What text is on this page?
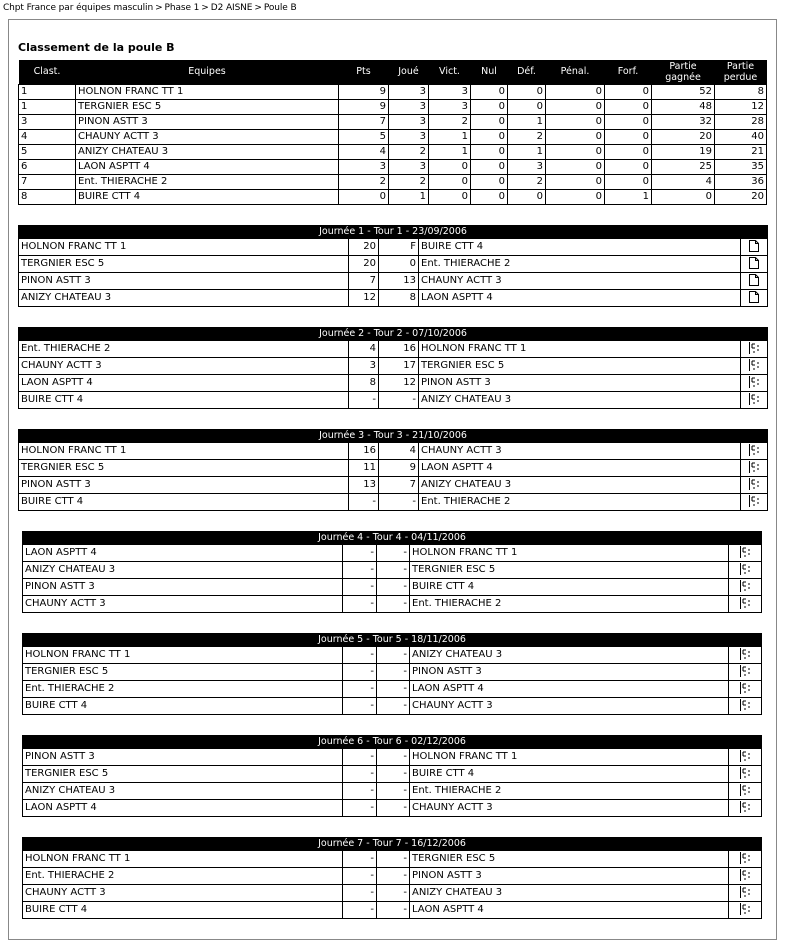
Chpt France par équipes masculin > Phase 1 > D2 AISNE > Poule B
Classement de la poule B
Clast.	Equipes	Pts	Joué	Vict.	Nul	Déf.	Pénal.	Forf.	Partie gagnée	Partie perdue
1	HOLNON FRANC TT 1	9	3	3	0	0	0	0	52	8
1	TERGNIER ESC 5	9	3	3	0	0	0	0	48	12
3	PINON ASTT 3	7	3	2	0	1	0	0	32	28
4	CHAUNY ACTT 3	5	3	1	0	2	0	0	20	40
5	ANIZY CHATEAU 3	4	2	1	0	1	0	0	19	21
6	LAON ASPTT 4	3	3	0	0	3	0	0	25	35
7	Ent. THIERACHE 2	2	2	0	0	2	0	0	4	36
8	BUIRE CTT 4	0	1	0	0	0	0	1	0	20
Journée 1 - Tour 1 - 23/09/2006				
HOLNON FRANC TT 1	20	F	BUIRE CTT 4	
TERGNIER ESC 5	20	0	Ent. THIERACHE 2	
PINON ASTT 3	7	13	CHAUNY ACTT 3	
ANIZY CHATEAU 3	12	8	LAON ASPTT 4	
Journée 2 - Tour 2 - 07/10/2006				
Ent. THIERACHE 2	4	16	HOLNON FRANC TT 1	
CHAUNY ACTT 3	3	17	TERGNIER ESC 5	
LAON ASPTT 4	8	12	PINON ASTT 3	
BUIRE CTT 4	-	-	ANIZY CHATEAU 3	
Journée 3 - Tour 3 - 21/10/2006				
HOLNON FRANC TT 1	16	4	CHAUNY ACTT 3	
TERGNIER ESC 5	11	9	LAON ASPTT 4	
PINON ASTT 3	13	7	ANIZY CHATEAU 3	
BUIRE CTT 4	-	-	Ent. THIERACHE 2	
Journée 4 - Tour 4 - 04/11/2006				
LAON ASPTT 4	-	-	HOLNON FRANC TT 1	
ANIZY CHATEAU 3	-	-	TERGNIER ESC 5	
PINON ASTT 3	-	-	BUIRE CTT 4	
CHAUNY ACTT 3	-	-	Ent. THIERACHE 2	
Journée 5 - Tour 5 - 18/11/2006				
HOLNON FRANC TT 1	-	-	ANIZY CHATEAU 3	
TERGNIER ESC 5	-	-	PINON ASTT 3	
Ent. THIERACHE 2	-	-	LAON ASPTT 4	
BUIRE CTT 4	-	-	CHAUNY ACTT 3	
Journée 6 - Tour 6 - 02/12/2006				
PINON ASTT 3	-	-	HOLNON FRANC TT 1	
TERGNIER ESC 5	-	-	BUIRE CTT 4	
ANIZY CHATEAU 3	-	-	Ent. THIERACHE 2	
LAON ASPTT 4	-	-	CHAUNY ACTT 3	
Journée 7 - Tour 7 - 16/12/2006				
HOLNON FRANC TT 1	-	-	TERGNIER ESC 5	
Ent. THIERACHE 2	-	-	PINON ASTT 3	
CHAUNY ACTT 3	-	-	ANIZY CHATEAU 3	
BUIRE CTT 4	-	-	LAON ASPTT 4	
